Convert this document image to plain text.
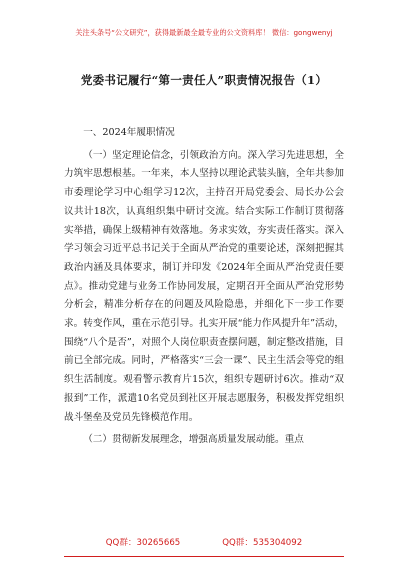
关注头条号“公文研究”，获得最新最全最专业的公文资料库！ 微信：gongwenyj
党委书记履行“第一责任人”职责情况报告（1）

一、2024年履职情况

（一）坚定理论信念，引领政治方向。深入学习先进思想，全力筑牢思想根基。一年来，本人坚持以理论武装头脑，全年共参加市委理论学习中心组学习12次，主持召开局党委会、局长办公会议共计18次，认真组织集中研讨交流。结合实际工作制订贯彻落实举措，确保上级精神有效落地。务求实效，夯实责任落实。深入学习领会习近平总书记关于全面从严治党的重要论述，深刻把握其政治内涵及具体要求，制订并印发《2024年全面从严治党责任要点》。推动党建与业务工作协同发展，定期召开全面从严治党形势分析会，精准分析存在的问题及风险隐患，并细化下一步工作要求。转变作风，重在示范引导。扎实开展“能力作风提升年”活动，围绕“八个是否”，对照个人岗位职责查摆问题，制定整改措施，目前已全部完成。同时，严格落实“三会一课”、民主生活会等党的组织生活制度。观看警示教育片15次，组织专题研讨6次。推动“双报到”工作，派遣10名党员到社区开展志愿服务，积极发挥党组织战斗堡垒及党员先锋模范作用。

（二）贯彻新发展理念，增强高质量发展动能。重点

QQ群：30265665	QQ群：535304092
